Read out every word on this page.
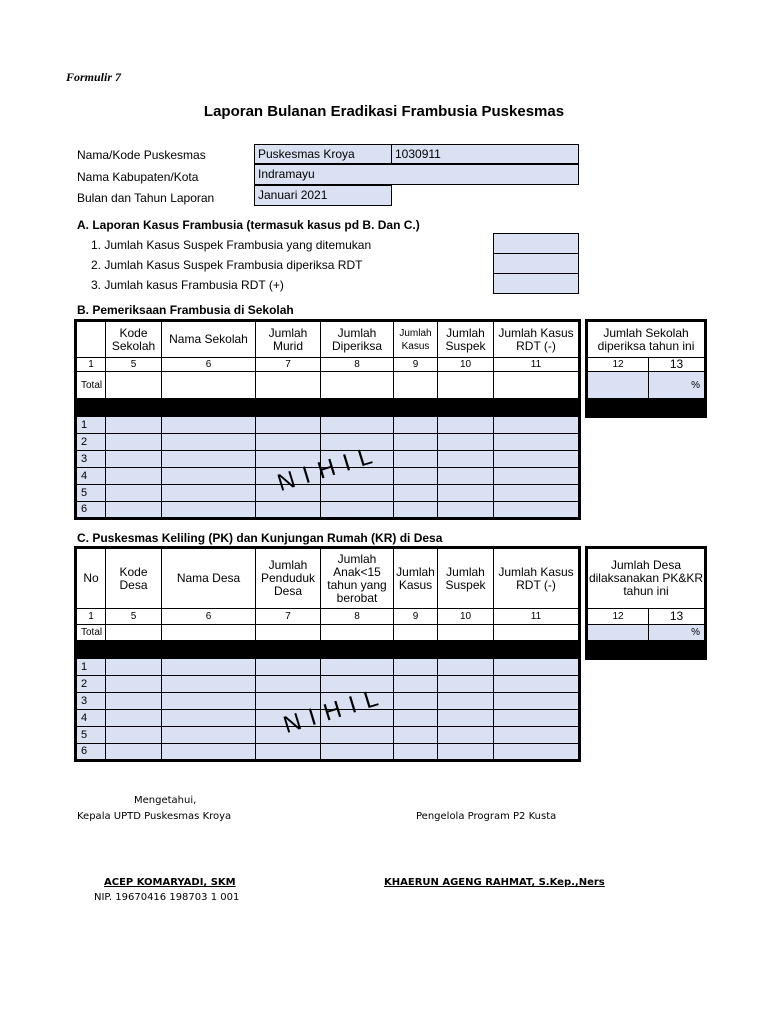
Formulir 7
Laporan Bulanan Eradikasi Frambusia Puskesmas
Nama/Kode Puskesmas	Puskesmas Kroya	1030911
Nama Kabupaten/Kota	Indramayu
Bulan dan Tahun Laporan	Januari 2021
A. Laporan Kasus Frambusia (termasuk kasus pd B. Dan C.)
1. Jumlah Kasus Suspek Frambusia yang ditemukan
2. Jumlah Kasus Suspek Frambusia diperiksa RDT
3. Jumlah kasus Frambusia RDT (+)
B. Pemeriksaan Frambusia di Sekolah
	Kode Sekolah	Nama Sekolah	Jumlah Murid	Jumlah Diperiksa	Jumlah Kasus	Jumlah Suspek	Jumlah Kasus RDT (-)
1	5	6	7	8	9	10	11
Total							

1							
2							
3							
4							
5							
6							
Jumlah Sekolah diperiksa tahun ini	
12	13
	%

NIHIL
C. Puskesmas Keliling (PK) dan Kunjungan Rumah (KR) di Desa
No	Kode Desa	Nama Desa	Jumlah Penduduk Desa	Jumlah Anak<15 tahun yang berobat	Jumlah Kasus	Jumlah Suspek	Jumlah Kasus RDT (-)
1	5	6	7	8	9	10	11
Total							

1							
2							
3							
4							
5							
6							
Jumlah Desa dilaksanakan PK&KR tahun ini	
12	13
	%

NIHIL
Mengetahui,
Kepala UPTD Puskesmas Kroya	Pengelola Program P2 Kusta
ACEP KOMARYADI, SKM
NIP. 19670416 198703 1 001
KHAERUN AGENG RAHMAT, S.Kep.,Ners
